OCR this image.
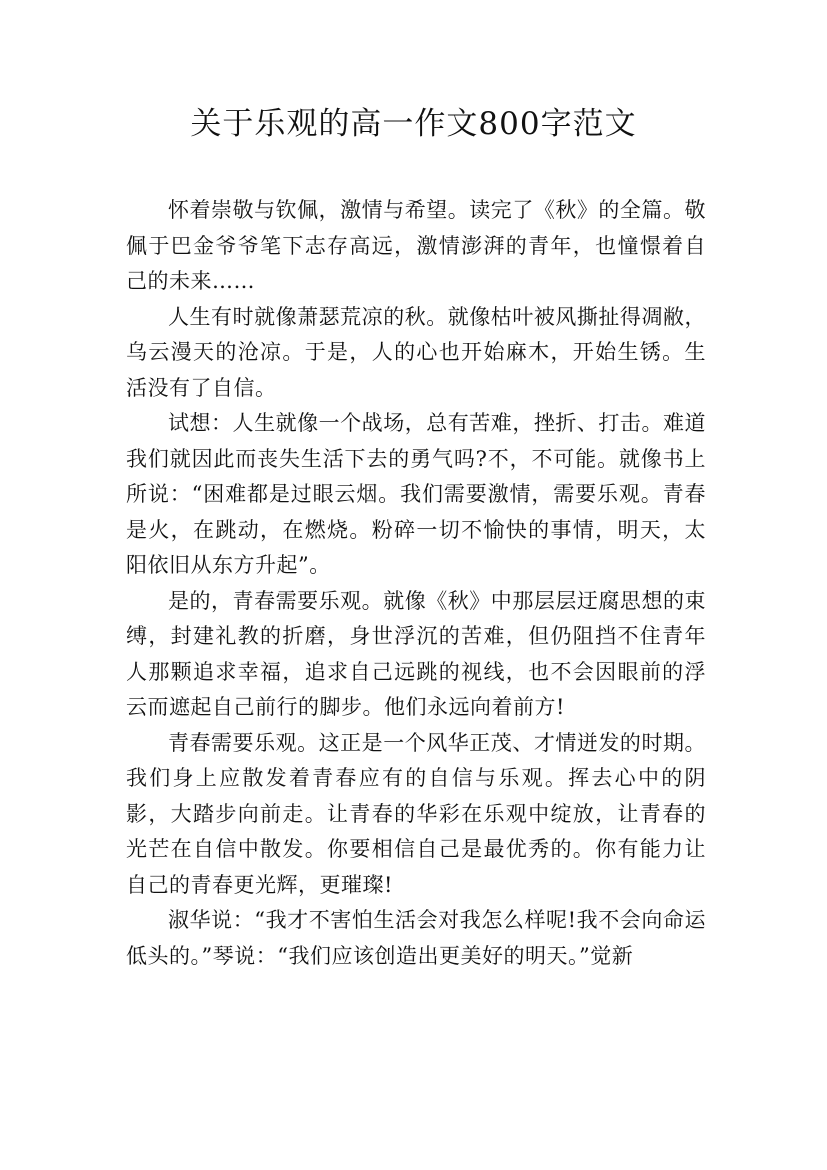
关于乐观的高一作文800字范文

怀着崇敬与钦佩，激情与希望。读完了《秋》的全篇。敬佩于巴金爷爷笔下志存高远，激情澎湃的青年，也憧憬着自己的未来……

人生有时就像萧瑟荒凉的秋。就像枯叶被风撕扯得凋敝，乌云漫天的沧凉。于是，人的心也开始麻木，开始生锈。生活没有了自信。

试想：人生就像一个战场，总有苦难，挫折、打击。难道我们就因此而丧失生活下去的勇气吗?不，不可能。就像书上所说：“困难都是过眼云烟。我们需要激情，需要乐观。青春是火，在跳动，在燃烧。粉碎一切不愉快的事情，明天，太阳依旧从东方升起”。

是的，青春需要乐观。就像《秋》中那层层迂腐思想的束缚，封建礼教的折磨，身世浮沉的苦难，但仍阻挡不住青年人那颗追求幸福，追求自己远跳的视线，也不会因眼前的浮云而遮起自己前行的脚步。他们永远向着前方!

青春需要乐观。这正是一个风华正茂、才情迸发的时期。我们身上应散发着青春应有的自信与乐观。挥去心中的阴影，大踏步向前走。让青春的华彩在乐观中绽放，让青春的光芒在自信中散发。你要相信自己是最优秀的。你有能力让自己的青春更光辉，更璀璨!

淑华说：“我才不害怕生活会对我怎么样呢!我不会向命运低头的。”琴说：“我们应该创造出更美好的明天。”觉新
